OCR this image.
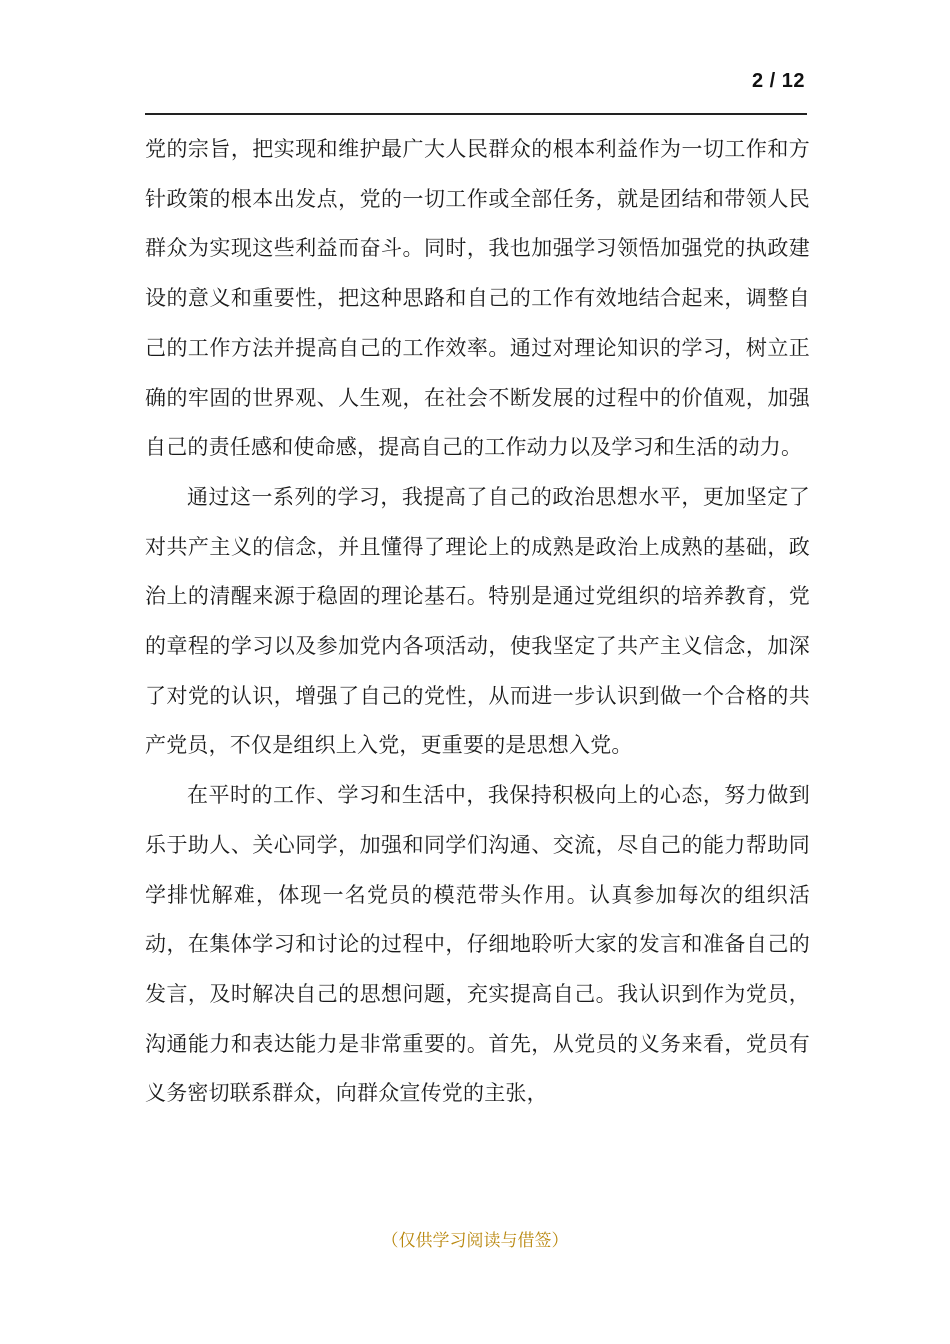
2 / 12

党的宗旨，把实现和维护最广大人民群众的根本利益作为一切工作和方针政策的根本出发点，党的一切工作或全部任务，就是团结和带领人民群众为实现这些利益而奋斗。同时，我也加强学习领悟加强党的执政建设的意义和重要性，把这种思路和自己的工作有效地结合起来，调整自己的工作方法并提高自己的工作效率。通过对理论知识的学习，树立正确的牢固的世界观、人生观，在社会不断发展的过程中的价值观，加强自己的责任感和使命感，提高自己的工作动力以及学习和生活的动力。

通过这一系列的学习，我提高了自己的政治思想水平，更加坚定了对共产主义的信念，并且懂得了理论上的成熟是政治上成熟的基础，政治上的清醒来源于稳固的理论基石。特别是通过党组织的培养教育，党的章程的学习以及参加党内各项活动，使我坚定了共产主义信念，加深了对党的认识，增强了自己的党性，从而进一步认识到做一个合格的共产党员，不仅是组织上入党，更重要的是思想入党。

在平时的工作、学习和生活中，我保持积极向上的心态，努力做到乐于助人、关心同学，加强和同学们沟通、交流，尽自己的能力帮助同学排忧解难，体现一名党员的模范带头作用。认真参加每次的组织活动，在集体学习和讨论的过程中，仔细地聆听大家的发言和准备自己的发言，及时解决自己的思想问题，充实提高自己。我认识到作为党员，沟通能力和表达能力是非常重要的。首先，从党员的义务来看，党员有义务密切联系群众，向群众宣传党的主张，

（仅供学习阅读与借签）
